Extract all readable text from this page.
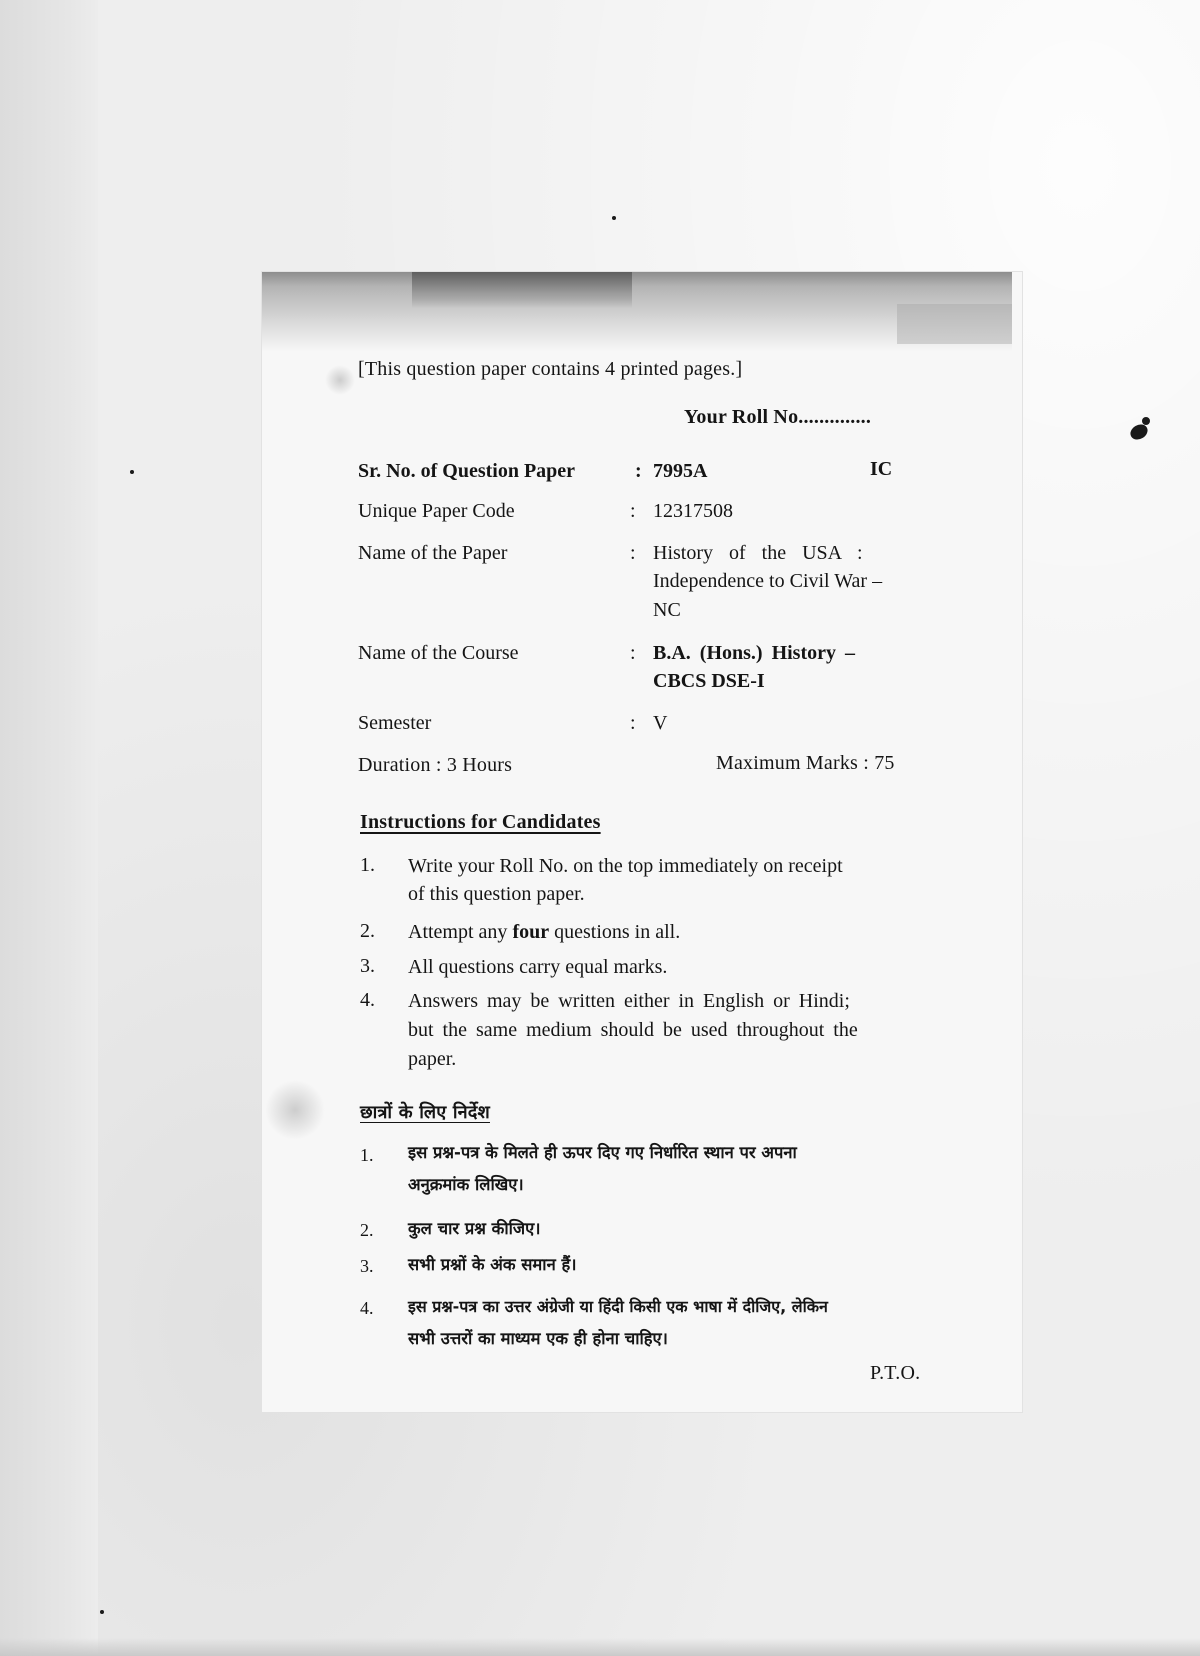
[This question paper contains 4 printed pages.]
Your Roll No..............
Sr. No. of Question Paper	: 7995A	IC
Unique Paper Code	: 12317508
Name of the Paper	: History of the USA :
Independence to Civil War –
NC
Name of the Course	: B.A. (Hons.) History –
CBCS DSE-I
Semester	: V
Duration : 3 Hours	Maximum Marks : 75
Instructions for Candidates
1. Write your Roll No. on the top immediately on receipt
of this question paper.
2. Attempt any four questions in all.
3. All questions carry equal marks.
4. Answers may be written either in English or Hindi;
but the same medium should be used throughout the
paper.
छात्रों के लिए निर्देश
1. इस प्रश्न-पत्र के मिलते ही ऊपर दिए गए निर्धारित स्थान पर अपना
अनुक्रमांक लिखिए।
2. कुल चार प्रश्न कीजिए।
3. सभी प्रश्नों के अंक समान हैं।
4. इस प्रश्न-पत्र का उत्तर अंग्रेजी या हिंदी किसी एक भाषा में दीजिए, लेकिन
सभी उत्तरों का माध्यम एक ही होना चाहिए।
P.T.O.
